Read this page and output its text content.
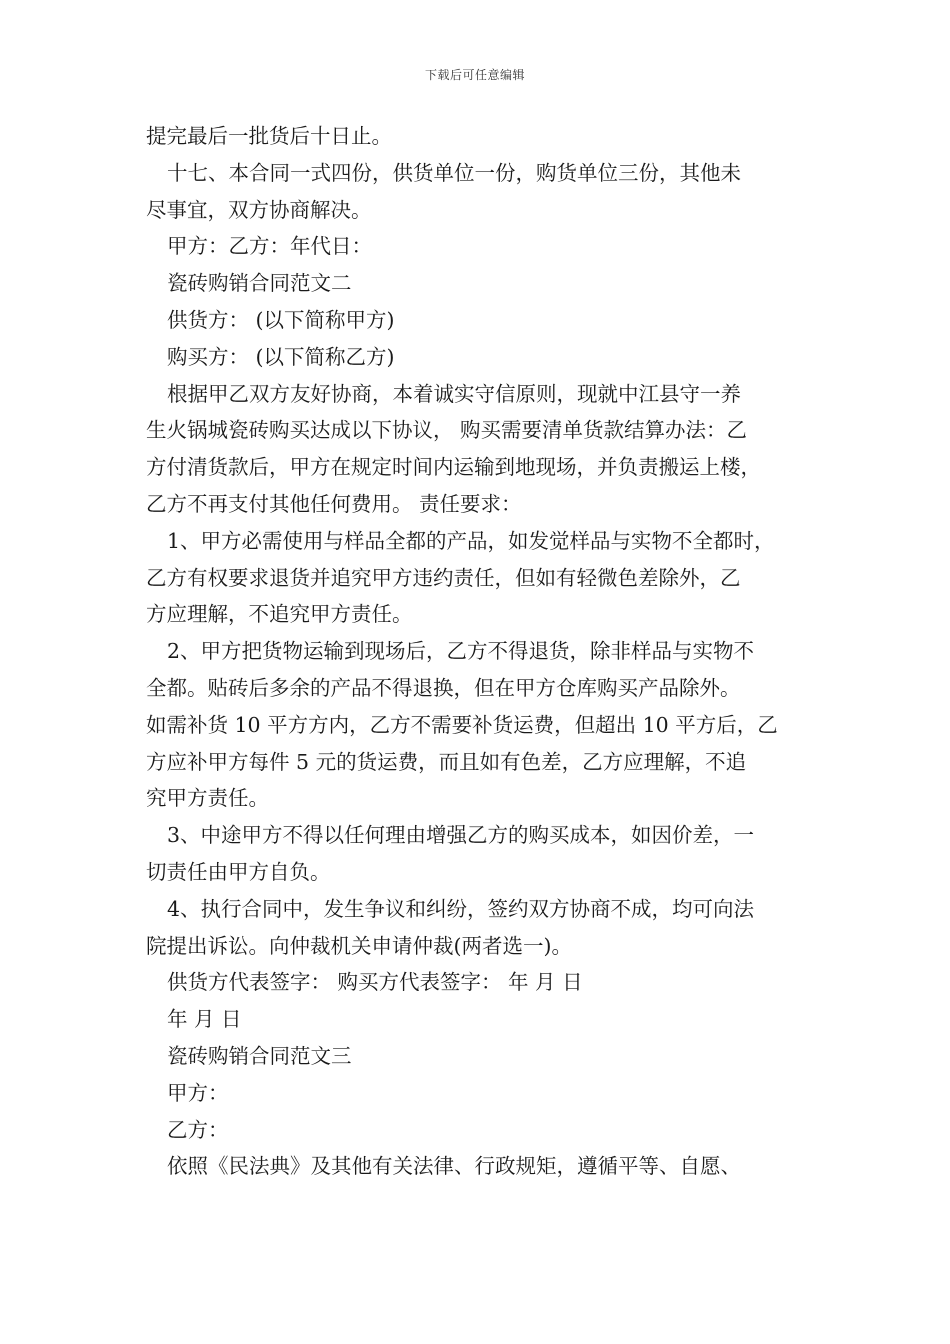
下载后可任意编辑
提完最后一批货后十日止。
十七、本合同一式四份，供货单位一份，购货单位三份，其他未
尽事宜，双方协商解决。
甲方：乙方：年代日：
瓷砖购销合同范文二
供货方： (以下简称甲方)
购买方： (以下简称乙方)
根据甲乙双方友好协商，本着诚实守信原则，现就中江县守一养
生火锅城瓷砖购买达成以下协议， 购买需要清单货款结算办法：乙
方付清货款后，甲方在规定时间内运输到地现场，并负责搬运上楼，
乙方不再支付其他任何费用。 责任要求：
1、甲方必需使用与样品全都的产品，如发觉样品与实物不全都时，
乙方有权要求退货并追究甲方违约责任，但如有轻微色差除外，乙
方应理解，不追究甲方责任。
2、甲方把货物运输到现场后，乙方不得退货，除非样品与实物不
全都。贴砖后多余的产品不得退换，但在甲方仓库购买产品除外。
如需补货 10 平方方内，乙方不需要补货运费，但超出 10 平方后，乙
方应补甲方每件 5 元的货运费，而且如有色差，乙方应理解，不追
究甲方责任。
3、中途甲方不得以任何理由增强乙方的购买成本，如因价差，一
切责任由甲方自负。
4、执行合同中，发生争议和纠纷，签约双方协商不成，均可向法
院提出诉讼。向仲裁机关申请仲裁(两者选一)。
供货方代表签字： 购买方代表签字： 年 月 日
年 月 日
瓷砖购销合同范文三
甲方：
乙方：
依照《民法典》及其他有关法律、行政规矩，遵循平等、自愿、
